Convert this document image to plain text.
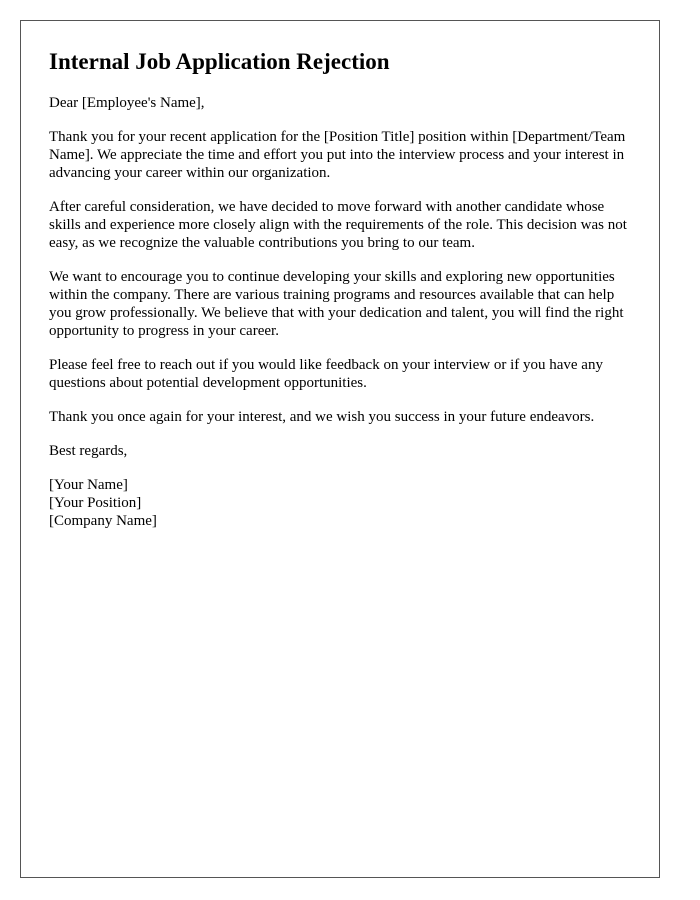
Internal Job Application Rejection

Dear [Employee's Name],

Thank you for your recent application for the [Position Title] position within [Department/Team Name]. We appreciate the time and effort you put into the interview process and your interest in advancing your career within our organization.

After careful consideration, we have decided to move forward with another candidate whose skills and experience more closely align with the requirements of the role. This decision was not easy, as we recognize the valuable contributions you bring to our team.

We want to encourage you to continue developing your skills and exploring new opportunities within the company. There are various training programs and resources available that can help you grow professionally. We believe that with your dedication and talent, you will find the right opportunity to progress in your career.

Please feel free to reach out if you would like feedback on your interview or if you have any questions about potential development opportunities.

Thank you once again for your interest, and we wish you success in your future endeavors.

Best regards,

[Your Name]
[Your Position]
[Company Name]
